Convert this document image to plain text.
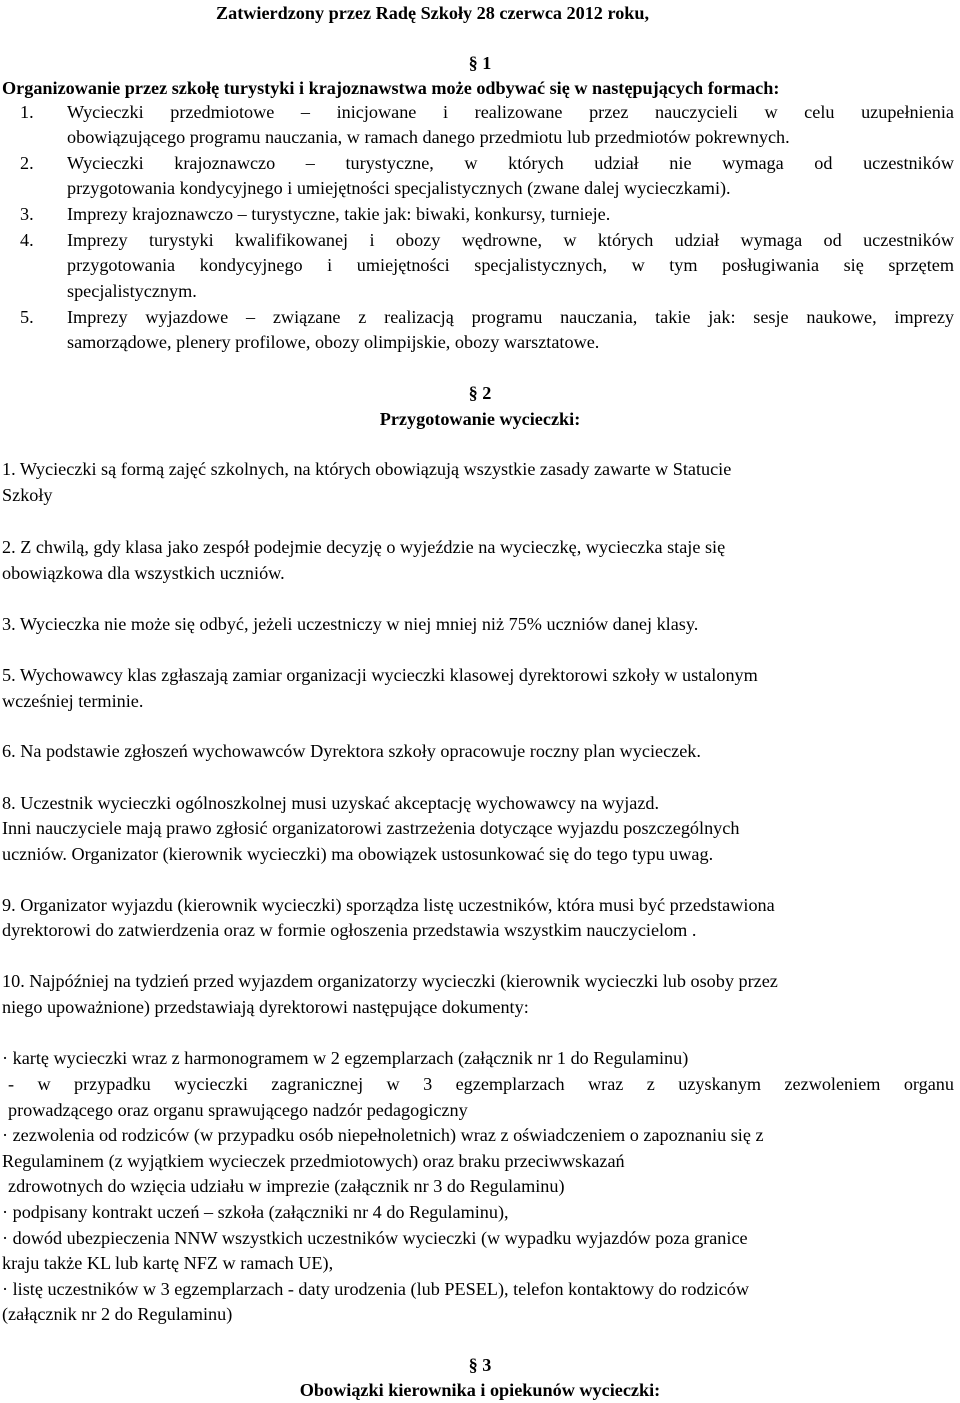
Zatwierdzony przez Radę Szkoły 28 czerwca 2012 roku,

§ 1

Organizowanie przez szkołę turystyki i krajoznawstwa może odbywać się w następujących formach:

1. Wycieczki przedmiotowe – inicjowane i realizowane przez nauczycieli w celu uzupełnienia

obowiązującego programu nauczania, w ramach danego przedmiotu lub przedmiotów pokrewnych.

2. Wycieczki krajoznawczo – turystyczne, w których udział nie wymaga od uczestników

przygotowania kondycyjnego i umiejętności specjalistycznych (zwane dalej wycieczkami).

3. Imprezy krajoznawczo – turystyczne, takie jak: biwaki, konkursy, turnieje.

4. Imprezy turystyki kwalifikowanej i obozy wędrowne, w których udział wymaga od uczestników

przygotowania kondycyjnego i umiejętności specjalistycznych, w tym posługiwania się sprzętem

specjalistycznym.

5. Imprezy wyjazdowe – związane z realizacją programu nauczania, takie jak: sesje naukowe, imprezy

samorządowe, plenery profilowe, obozy olimpijskie, obozy warsztatowe.

§ 2

Przygotowanie wycieczki:

1. Wycieczki są formą zajęć szkolnych, na których obowiązują wszystkie zasady zawarte w Statucie

Szkoły

2. Z chwilą, gdy klasa jako zespół podejmie decyzję o wyjeździe na wycieczkę, wycieczka staje się

obowiązkowa dla wszystkich uczniów.

3. Wycieczka nie może się odbyć, jeżeli uczestniczy w niej mniej niż 75% uczniów danej klasy.

5. Wychowawcy klas zgłaszają zamiar organizacji wycieczki klasowej dyrektorowi szkoły w ustalonym

wcześniej terminie.

6. Na podstawie zgłoszeń wychowawców Dyrektora szkoły opracowuje roczny plan wycieczek.

8. Uczestnik wycieczki ogólnoszkolnej musi uzyskać akceptację wychowawcy na wyjazd.

Inni nauczyciele mają prawo zgłosić organizatorowi zastrzeżenia dotyczące wyjazdu poszczególnych

uczniów. Organizator (kierownik wycieczki) ma obowiązek ustosunkować się do tego typu uwag.

9. Organizator wyjazdu (kierownik wycieczki) sporządza listę uczestników, która musi być przedstawiona

dyrektorowi do zatwierdzenia oraz w formie ogłoszenia przedstawia wszystkim nauczycielom .

10. Najpóźniej na tydzień przed wyjazdem organizatorzy wycieczki (kierownik wycieczki lub osoby przez

niego upoważnione) przedstawiają dyrektorowi następujące dokumenty:

· kartę wycieczki wraz z harmonogramem w 2 egzemplarzach (załącznik nr 1 do Regulaminu)

- w przypadku wycieczki zagranicznej w 3 egzemplarzach wraz z uzyskanym zezwoleniem organu

prowadzącego oraz organu sprawującego nadzór pedagogiczny

· zezwolenia od rodziców (w przypadku osób niepełnoletnich) wraz z oświadczeniem o zapoznaniu się z

Regulaminem (z wyjątkiem wycieczek przedmiotowych) oraz braku przeciwwskazań

zdrowotnych do wzięcia udziału w imprezie (załącznik nr 3 do Regulaminu)

· podpisany kontrakt uczeń – szkoła (załączniki nr 4 do Regulaminu),

· dowód ubezpieczenia NNW wszystkich uczestników wycieczki (w wypadku wyjazdów poza granice

kraju także KL lub kartę NFZ w ramach UE),

· listę uczestników w 3 egzemplarzach - daty urodzenia (lub PESEL), telefon kontaktowy do rodziców

(załącznik nr 2 do Regulaminu)

§ 3

Obowiązki kierownika i opiekunów wycieczki:
